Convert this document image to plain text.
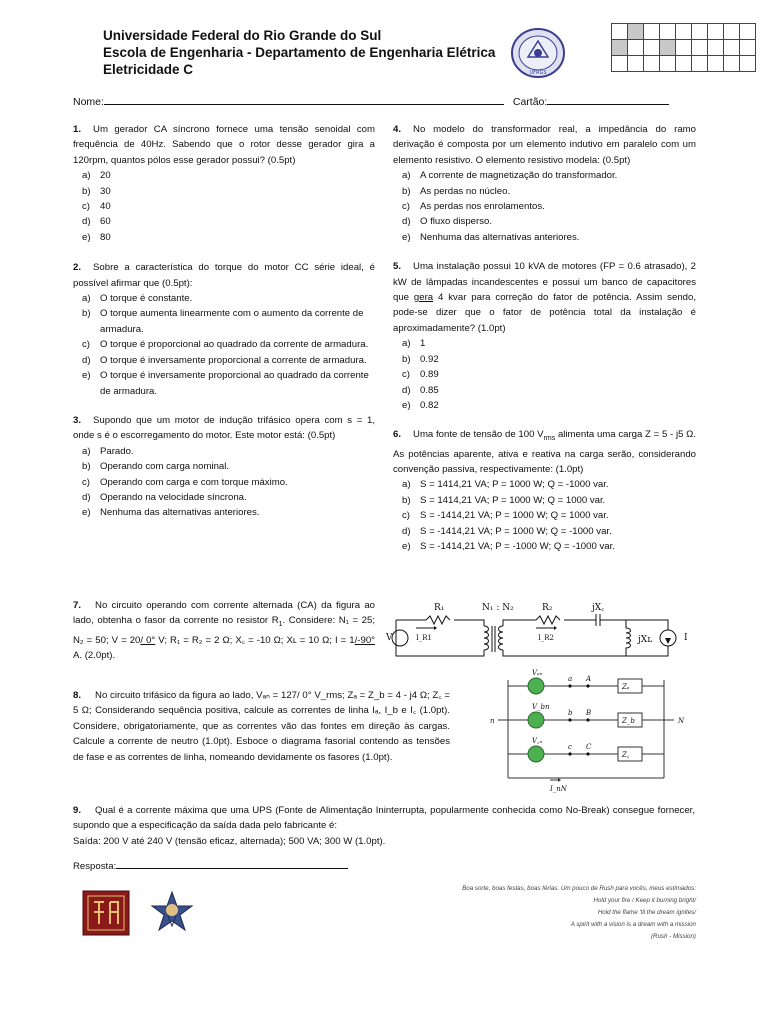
Universidade Federal do Rio Grande do Sul
Escola de Engenharia - Departamento de Engenharia Elétrica
Eletricidade C	UFRGS

Nome:	Cartão:
1. Um gerador CA síncrono fornece uma tensão senoidal com frequência de 40Hz. Sabendo que o rotor desse gerador gira a 120rpm, quantos pólos esse gerador possui? (0.5pt)
a) 20
b) 30
c) 40
d) 60
e) 80
2. Sobre a característica do torque do motor CC série ideal, é possível afirmar que (0.5pt):
a) O torque é constante.
b) O torque aumenta linearmente com o aumento da corrente de armadura.
c) O torque é proporcional ao quadrado da corrente de armadura.
d) O torque é inversamente proporcional a corrente de armadura.
e) O torque é inversamente proporcional ao quadrado da corrente de armadura.
3. Supondo que um motor de indução trifásico opera com s = 1, onde s é o escorregamento do motor. Este motor está: (0.5pt)
a) Parado.
b) Operando com carga nominal.
c) Operando com carga e com torque máximo.
d) Operando na velocidade síncrona.
e) Nenhuma das alternativas anteriores.
4. No modelo do transformador real, a impedância do ramo derivação é composta por um elemento indutivo em paralelo com um elemento resistivo. O elemento resistivo modela: (0.5pt)
a) A corrente de magnetização do transformador.
b) As perdas no núcleo.
c) As perdas nos enrolamentos.
d) O fluxo disperso.
e) Nenhuma das alternativas anteriores.
5. Uma instalação possui 10 kVA de motores (FP = 0.6 atrasado), 2 kW de lâmpadas incandescentes e possui um banco de capacitores que gera 4 kvar para correção do fator de potência. Assim sendo, pode-se dizer que o fator de potência total da instalação é aproximadamente? (1.0pt)
a) 1
b) 0.92
c) 0.89
d) 0.85
e) 0.82
6. Uma fonte de tensão de 100 $V_{rms}$ alimenta uma carga Z = 5 - j5 Ω. As potências aparente, ativa e reativa na carga serão, considerando convenção passiva, respectivamente: (1.0pt)
a) S = 1414,21 VA; P = 1000 W; Q = -1000 var.
b) S = 1414,21 VA; P = 1000 W; Q = 1000 var.
c) S = -1414,21 VA; P = 1000 W; Q = 1000 var.
d) S = -1414,21 VA; P = 1000 W; Q = -1000 var.
e) S = -1414,21 VA; P = -1000 W; Q = -1000 var.
7. No circuito operando com corrente alternada (CA) da figura ao lado, obtenha o fasor da corrente no resistor $R_1$. Considere: N₁ = 25; N₂ = 50; V = 20/ 0° V; R₁ = R₂ = 2 Ω; X꜀ = -10 Ω; Xʟ = 10 Ω; I = 1/-90° A. (2.0pt).
R₁	N₁ : N₂	R₂	jX꜀
jXʟ
V	I
I_R1	I_R2
8. No circuito trifásico da figura ao lado, Vₐₙ = 127/ 0° V_rms; Zₐ = Z_b = 4 - j4 Ω; Z꜀ = 5 Ω; Considerando sequência positiva, calcule as correntes de linha Iₐ, I_b e I꜀ (1.0pt). Considere, obrigatoriamente, que as correntes vão das fontes em direção às cargas. Calcule a corrente de neutro (1.0pt). Esboce o diagrama fasorial contendo as tensões de fase e as correntes de linha, nomeando devidamente os fasores (1.0pt).
Vₐₙ
V_bn
V꜀ₙ
a A
b B
c C
n	N
Zₐ
Z_b
Z꜀
I_nN
9. Qual é a corrente máxima que uma UPS (Fonte de Alimentação Ininterrupta, popularmente conhecida como No-Break) consegue fornecer, supondo que a especificação da saída dada pelo fabricante é:
Saída: 200 V até 240 V (tensão eficaz, alternada); 500 VA; 300 W (1.0pt).
Resposta:
Boa sorte, boas festas, boas férias. Um pouco de Rush para vocês, meus estimados:
Hold your fire / Keep it burning bright/
Hold the flame 'til the dream ignites/
A spirit with a vision is a dream with a mission
(Rush - Mission)
